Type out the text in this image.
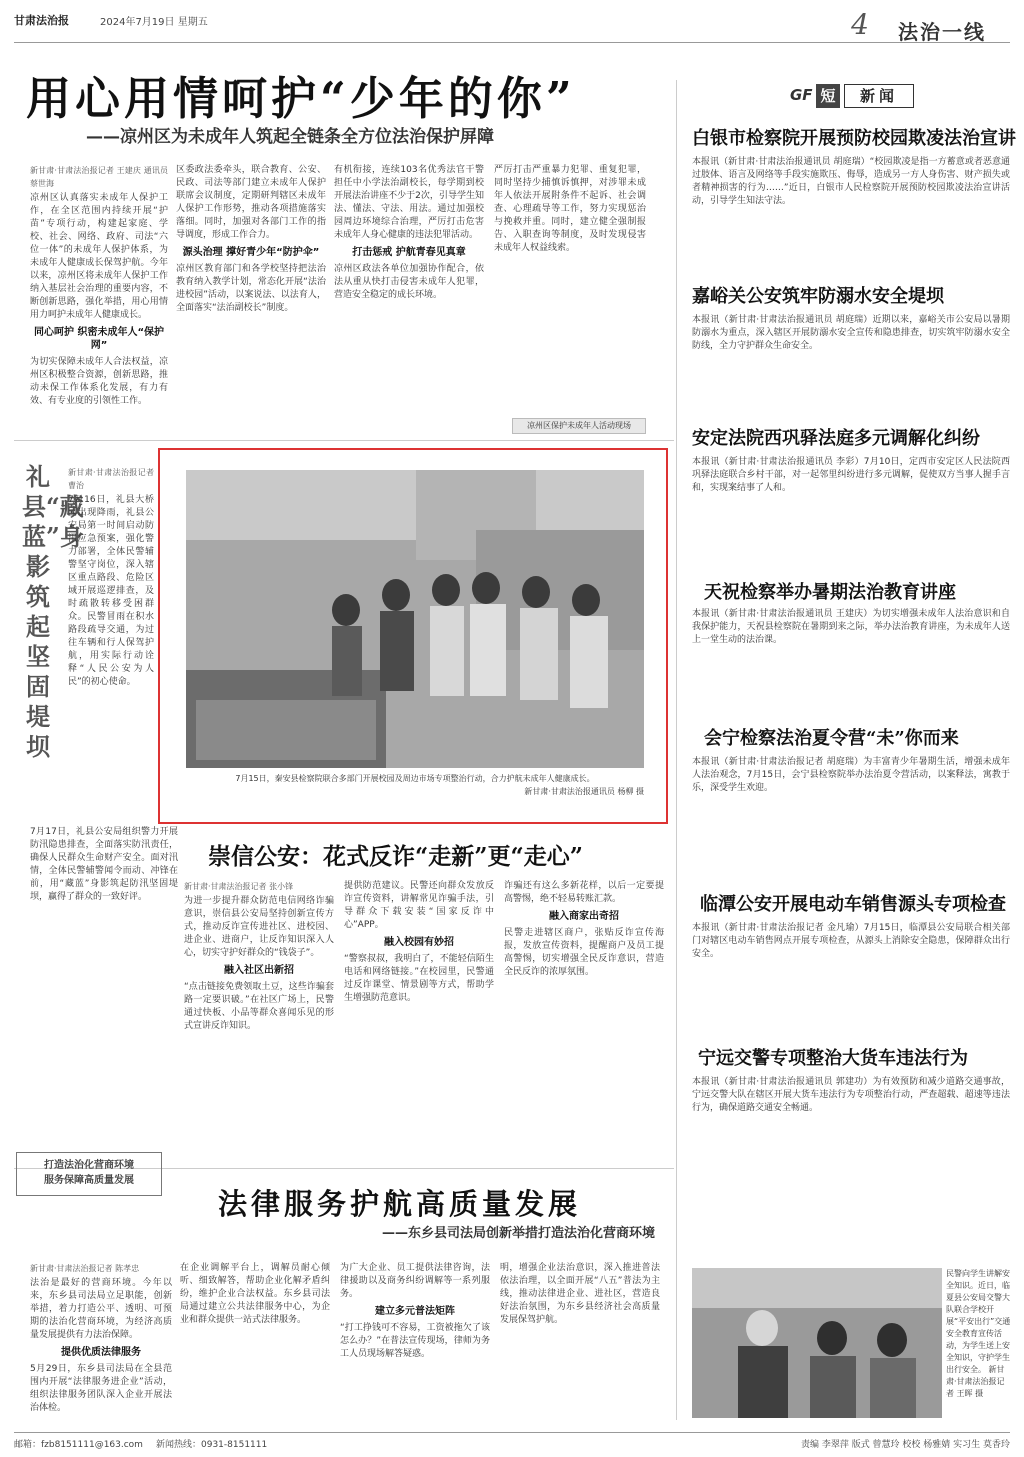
甘肃法治报	2024年7月19日 星期五	4	法治一线
用心用情呵护“少年的你”
——凉州区为未成年人筑起全链条全方位法治保护屏障
新甘肃·甘肃法治报记者 王建庆 通讯员 蔡世海
凉州区认真落实未成年人保护工作，在全区范围内持续开展“护苗”专项行动，构建起家庭、学校、社会、网络、政府、司法“六位一体”的未成年人保护体系，为未成年人健康成长保驾护航。今年以来，凉州区将未成年人保护工作纳入基层社会治理的重要内容，不断创新思路，强化举措，用心用情用力呵护未成年人健康成长。
同心呵护 织密未成年人“保护网”
为切实保障未成年人合法权益，凉州区积极整合资源，创新思路，推动未保工作体系化发展，有力有效、有专业度的引领性工作。
区委政法委牵头，联合教育、公安、民政、司法等部门建立未成年人保护联席会议制度，定期研判辖区未成年人保护工作形势，推动各项措施落实落细。同时，加强对各部门工作的指导调度，形成工作合力。
源头治理 撑好青少年“防护伞”
凉州区教育部门和各学校坚持把法治教育纳入教学计划，常态化开展“法治进校园”活动，以案说法、以法育人，全面落实“法治副校长”制度。
有机衔接，连续103名优秀法官干警担任中小学法治副校长，每学期到校开展法治讲座不少于2次，引导学生知法、懂法、守法、用法。通过加强校园周边环境综合治理，严厉打击危害未成年人身心健康的违法犯罪活动。
打击惩戒 护航青春见真章
凉州区政法各单位加强协作配合，依法从重从快打击侵害未成年人犯罪，营造安全稳定的成长环境。
严厉打击严重暴力犯罪、重复犯罪，同时坚持少捕慎诉慎押，对涉罪未成年人依法开展附条件不起诉、社会调查、心理疏导等工作，努力实现惩治与挽救并重。同时，建立健全强制报告、入职查询等制度，及时发现侵害未成年人权益线索。
凉州区保护未成年人活动现场
礼县“藏蓝”身影筑起坚固堤坝
新甘肃·甘肃法治报记者 曹治
7月16日，礼县大桥园出现降雨，礼县公安局第一时间启动防汛应急预案，强化警力部署，全体民警辅警坚守岗位，深入辖区重点路段、危险区域开展巡逻排查，及时疏散转移受困群众。民警冒雨在积水路段疏导交通，为过往车辆和行人保驾护航，用实际行动诠释“人民公安为人民”的初心使命。
7月17日，礼县公安局组织警力开展防汛隐患排查，全面落实防汛责任，确保人民群众生命财产安全。面对汛情，全体民警辅警闻令而动、冲锋在前，用“藏蓝”身影筑起防汛坚固堤坝，赢得了群众的一致好评。
7月15日，秦安县检察院联合多部门开展校园及周边市场专项整治行动，合力护航未成年人健康成长。
新甘肃·甘肃法治报通讯员 杨柳 摄
崇信公安：花式反诈“走新”更“走心”
新甘肃·甘肃法治报记者 张小锋
为进一步提升群众防范电信网络诈骗意识，崇信县公安局坚持创新宣传方式，推动反诈宣传进社区、进校园、进企业、进商户，让反诈知识深入人心，切实守护好群众的“钱袋子”。
融入社区出新招
“点击链接免费领取土豆，这些诈骗套路一定要识破。”在社区广场上，民警通过快板、小品等群众喜闻乐见的形式宣讲反诈知识。
提供防范建议。民警还向群众发放反诈宣传资料，讲解常见诈骗手法，引导群众下载安装“国家反诈中心”APP。
融入校园有妙招
“警察叔叔，我明白了，不能轻信陌生电话和网络链接。”在校园里，民警通过反诈课堂、情景剧等方式，帮助学生增强防范意识。
诈骗还有这么多新花样，以后一定要提高警惕，绝不轻易转账汇款。
融入商家出奇招
民警走进辖区商户，张贴反诈宣传海报，发放宣传资料，提醒商户及员工提高警惕，切实增强全民反诈意识，营造全民反诈的浓厚氛围。
打造法治化营商环境
服务保障高质量发展
法律服务护航高质量发展
——东乡县司法局创新举措打造法治化营商环境
新甘肃·甘肃法治报记者 陈孝忠
法治是最好的营商环境。今年以来，东乡县司法局立足职能，创新举措，着力打造公平、透明、可预期的法治化营商环境，为经济高质量发展提供有力法治保障。
提供优质法律服务
5月29日，东乡县司法局在全县范围内开展“法律服务进企业”活动，组织法律服务团队深入企业开展法治体检。
在企业调解平台上，调解员耐心倾听、细致解答，帮助企业化解矛盾纠纷，维护企业合法权益。东乡县司法局通过建立公共法律服务中心，为企业和群众提供一站式法律服务。
为广大企业、员工提供法律咨询，法律援助以及商务纠纷调解等一系列服务。
建立多元普法矩阵
“打工挣钱可不容易，工资被拖欠了该怎么办？”在普法宣传现场，律师为务工人员现场解答疑惑。
明，增强企业法治意识，深入推进普法依法治理，以全面开展“八五”普法为主线，推动法律进企业、进社区，营造良好法治氛围，为东乡县经济社会高质量发展保驾护航。
GF 短	新闻
白银市检察院开展预防校园欺凌法治宣讲
本报讯（新甘肃·甘肃法治报通讯员 胡庭瑞）“校园欺凌是指一方蓄意或者恶意通过肢体、语言及网络等手段实施欺压、侮辱，造成另一方人身伤害、财产损失或者精神损害的行为……”近日，白银市人民检察院开展预防校园欺凌法治宣讲活动，引导学生知法守法。
嘉峪关公安筑牢防溺水安全堤坝
本报讯（新甘肃·甘肃法治报通讯员 胡庭瑞）近期以来，嘉峪关市公安局以暑期防溺水为重点，深入辖区开展防溺水安全宣传和隐患排查，切实筑牢防溺水安全防线，全力守护群众生命安全。
安定法院西巩驿法庭多元调解化纠纷
本报讯（新甘肃·甘肃法治报通讯员 李彩）7月10日，定西市安定区人民法院西巩驿法庭联合乡村干部，对一起邻里纠纷进行多元调解，促使双方当事人握手言和，实现案结事了人和。
天祝检察举办暑期法治教育讲座
本报讯（新甘肃·甘肃法治报通讯员 王建庆）为切实增强未成年人法治意识和自我保护能力，天祝县检察院在暑期到来之际，举办法治教育讲座，为未成年人送上一堂生动的法治课。
会宁检察法治夏令营“未”你而来
本报讯（新甘肃·甘肃法治报记者 胡庭瑞）为丰富青少年暑期生活，增强未成年人法治观念，7月15日，会宁县检察院举办法治夏令营活动，以案释法，寓教于乐，深受学生欢迎。
临潭公安开展电动车销售源头专项检查
本报讯（新甘肃·甘肃法治报记者 金凡瑜）7月15日，临潭县公安局联合相关部门对辖区电动车销售网点开展专项检查，从源头上消除安全隐患，保障群众出行安全。
宁远交警专项整治大货车违法行为
本报讯（新甘肃·甘肃法治报通讯员 郭建功）为有效预防和减少道路交通事故，宁远交警大队在辖区开展大货车违法行为专项整治行动，严查超载、超速等违法行为，确保道路交通安全畅通。
民警向学生讲解安全知识。近日，临夏县公安局交警大队联合学校开展“平安出行”交通安全教育宣传活动，为学生送上安全知识，守护学生出行安全。 新甘肃·甘肃法治报记者 王晖 摄
邮箱：fzb8151111@163.com 新闻热线：0931-8151111	责编 李翠萍 版式 曾慧玲 校校 杨雅婧 实习生 莫香玲
